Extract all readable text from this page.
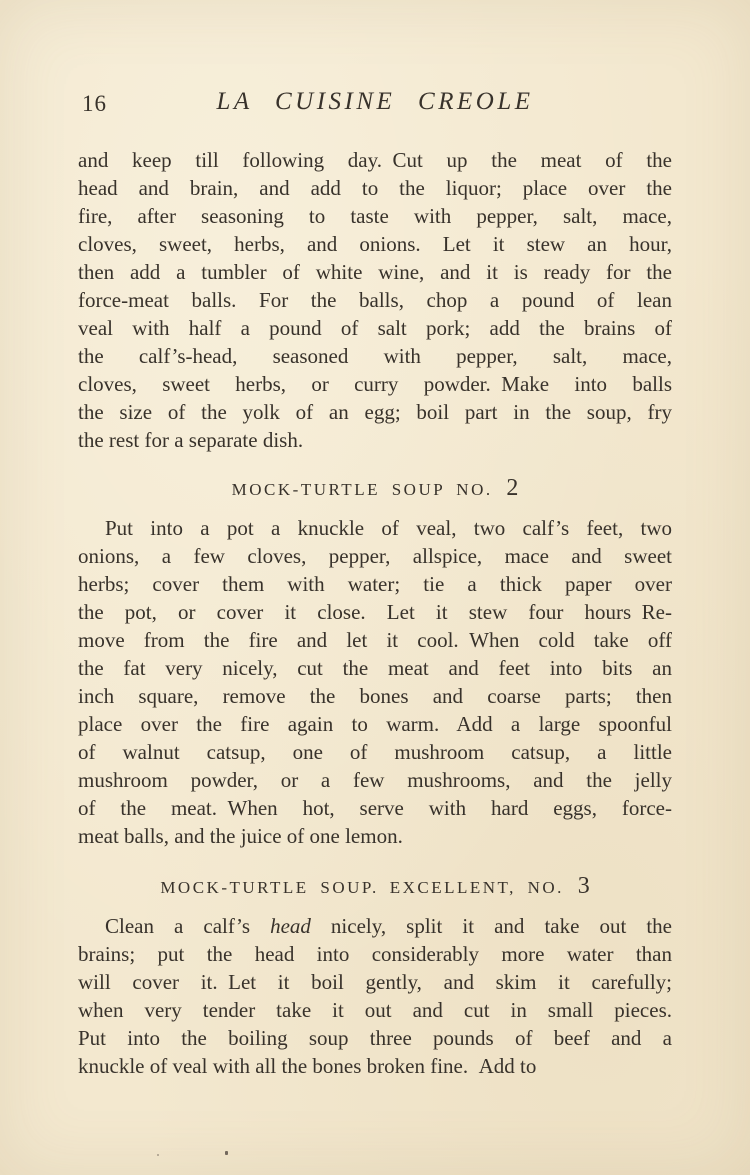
16	LA CUISINE CREOLE
and keep till following day. Cut up the meat of the
head and brain, and add to the liquor; place over the
fire, after seasoning to taste with pepper, salt, mace,
cloves, sweet, herbs, and onions. Let it stew an hour,
then add a tumbler of white wine, and it is ready for the
force-meat balls. For the balls, chop a pound of lean
veal with half a pound of salt pork; add the brains of
the calf’s-head, seasoned with pepper, salt, mace,
cloves, sweet herbs, or curry powder. Make into balls
the size of the yolk of an egg; boil part in the soup, fry
the rest for a separate dish.
MOCK-TURTLE SOUP NO. 2
Put into a pot a knuckle of veal, two calf’s feet, two
onions, a few cloves, pepper, allspice, mace and sweet
herbs; cover them with water; tie a thick paper over
the pot, or cover it close. Let it stew four hours Re-
move from the fire and let it cool. When cold take off
the fat very nicely, cut the meat and feet into bits an
inch square, remove the bones and coarse parts; then
place over the fire again to warm. Add a large spoonful
of walnut catsup, one of mushroom catsup, a little
mushroom powder, or a few mushrooms, and the jelly
of the meat. When hot, serve with hard eggs, force-
meat balls, and the juice of one lemon.
MOCK-TURTLE SOUP. EXCELLENT, NO. 3
Clean a calf’s head nicely, split it and take out the
brains; put the head into considerably more water than
will cover it. Let it boil gently, and skim it carefully;
when very tender take it out and cut in small pieces.
Put into the boiling soup three pounds of beef and a
knuckle of veal with all the bones broken fine. Add to
